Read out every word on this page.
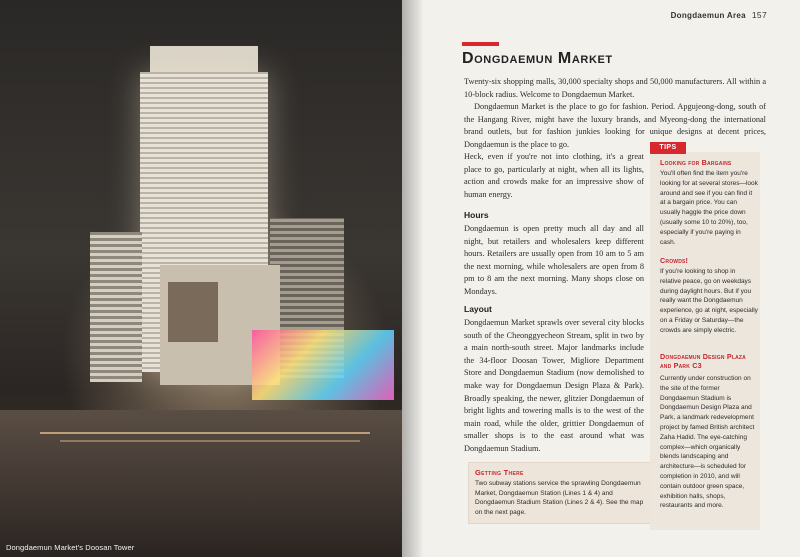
Dongdaemun Market's Doosan Tower
Dongdaemun Area 157
Dongdaemun Market

Twenty-six shopping malls, 30,000 specialty shops and 50,000 manufacturers. All within a 10-block radius. Welcome to Dongdaemun Market.

Dongdaemun Market is the place to go for fashion. Period. Apgujeong-dong, south of the Hangang River, might have the luxury brands, and Myeong-dong the international brand outlets, but for fashion junkies looking for unique designs at decent prices, Dongdaemun is the place to go.

Heck, even if you're not into clothing, it's a great place to go, particularly at night, when all its lights, action and crowds make for an impressive show of human energy.
Hours
Dongdaemun is open pretty much all day and all night, but retailers and wholesalers keep different hours. Retailers are usually open from 10 am to 5 am the next morning, while wholesalers are open from 8 pm to 8 am the next morning. Many shops close on Mondays.
Layout
Dongdaemun Market sprawls over several city blocks south of the Cheonggyecheon Stream, split in two by a main north-south street. Major landmarks include the 34-floor Doosan Tower, Migliore Department Store and Dongdaemun Stadium (now demolished to make way for Dongdaemun Design Plaza & Park). Broadly speaking, the newer, glitzier Dongdaemun of bright lights and towering malls is to the west of the main road, while the older, grittier Dongdaemun of smaller shops is to the east around what was Dongdaemun Stadium.
Getting There
Two subway stations service the sprawling Dongdaemun Market, Dongdaemun Station (Lines 1 & 4) and Dongdaemun Stadium Station (Lines 2 & 4). See the map on the next page.
TIPS
Looking for Bargains
You'll often find the item you're looking for at several stores—look around and see if you can find it at a bargain price. You can usually haggle the price down (usually some 10 to 20%), too, especially if you're paying in cash.
Crowds!
If you're looking to shop in relative peace, go on weekdays during daylight hours. But if you really want the Dongdaemun experience, go at night, especially on a Friday or Saturday—the crowds are simply electric.
Dongdaemun Design Plaza and Park C3
Currently under construction on the site of the former Dongdaemun Stadium is Dongdaemun Design Plaza and Park, a landmark redevelopment project by famed British architect Zaha Hadid. The eye-catching complex—which organically blends landscaping and architecture—is scheduled for completion in 2010, and will contain outdoor green space, exhibition halls, shops, restaurants and more.
